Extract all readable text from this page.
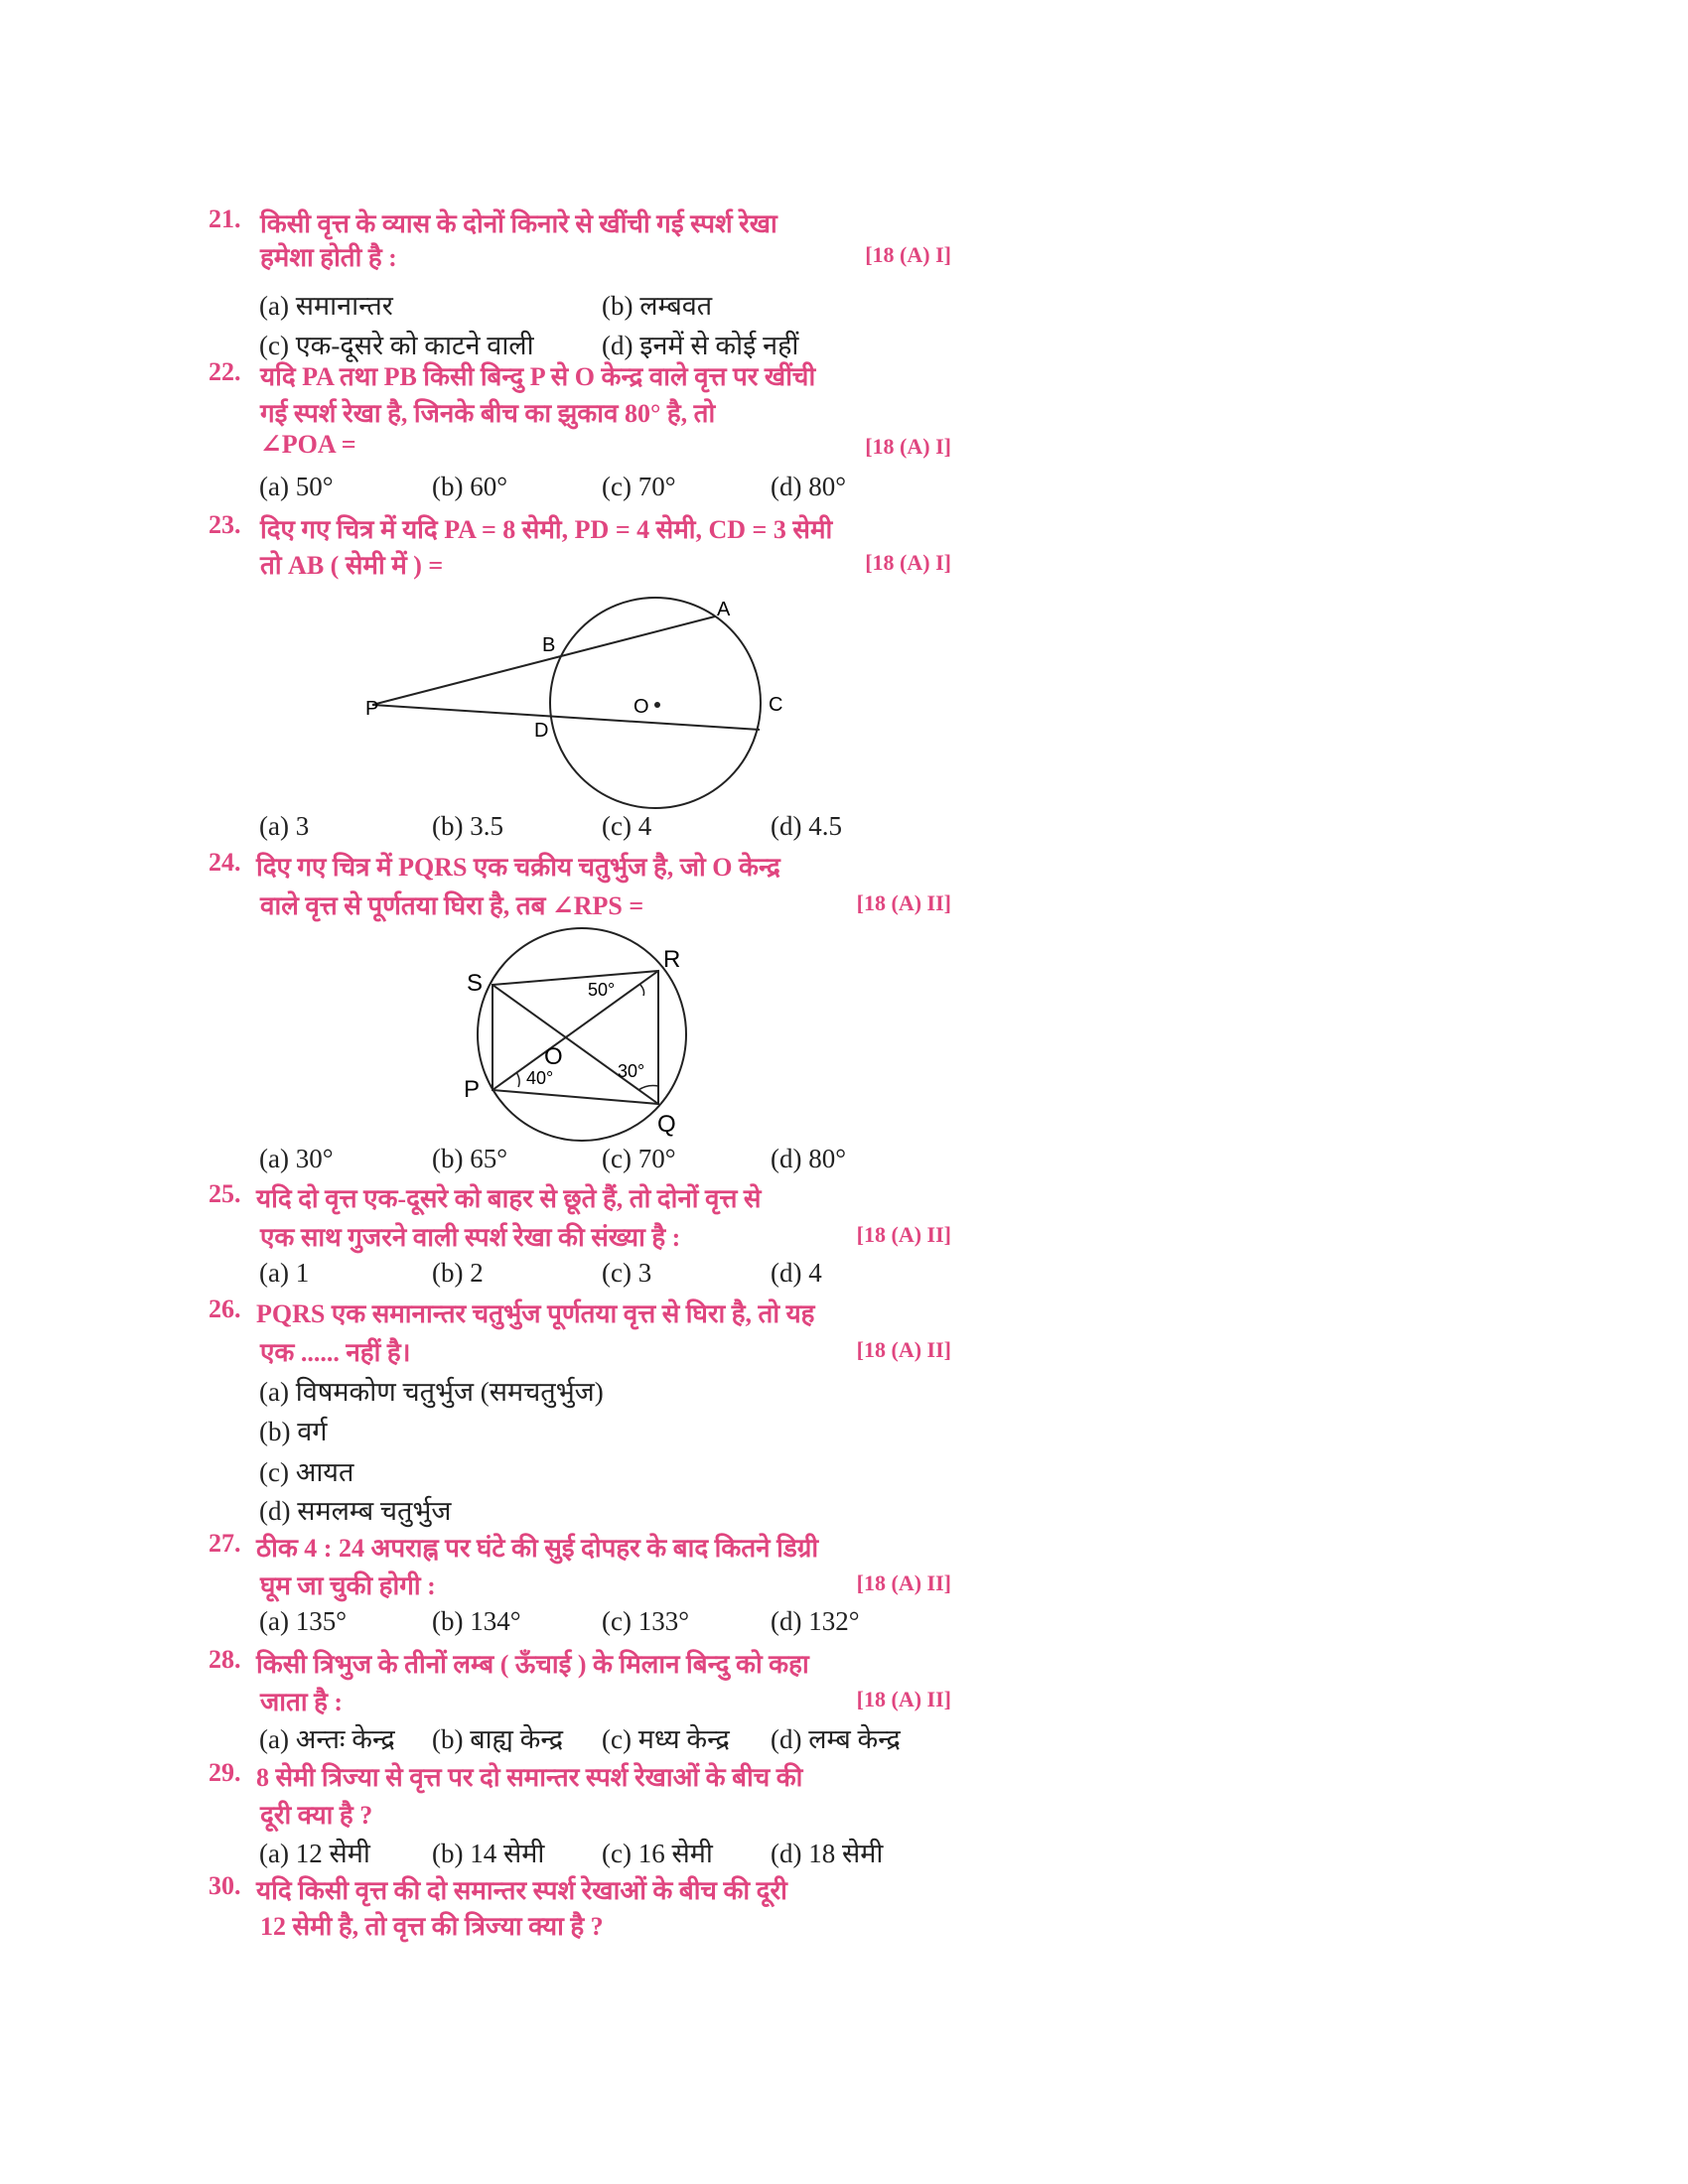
21. किसी वृत्त के व्यास के दोनों किनारे से खींची गई स्पर्श रेखा
हमेशा होती है :	[18 (A) I]
(a) समानान्तर	(b) लम्बवत
(c) एक-दूसरे को काटने वाली	(d) इनमें से कोई नहीं
22. यदि PA तथा PB किसी बिन्दु P से O केन्द्र वाले वृत्त पर खींची
गई स्पर्श रेखा है, जिनके बीच का झुकाव 80° है, तो
∠POA =	[18 (A) I]
(a) 50°	(b) 60°	(c) 70°	(d) 80°
23. दिए गए चित्र में यदि PA = 8 सेमी, PD = 4 सेमी, CD = 3 सेमी
तो AB ( सेमी में ) =	[18 (A) I]
(a) 3	(b) 3.5	(c) 4	(d) 4.5
24. दिए गए चित्र में PQRS एक चक्रीय चतुर्भुज है, जो O केन्द्र
वाले वृत्त से पूर्णतया घिरा है, तब ∠RPS =	[18 (A) II]
(a) 30°	(b) 65°	(c) 70°	(d) 80°
25. यदि दो वृत्त एक-दूसरे को बाहर से छूते हैं, तो दोनों वृत्त से
एक साथ गुजरने वाली स्पर्श रेखा की संख्या है :	[18 (A) II]
(a) 1	(b) 2	(c) 3	(d) 4
26. PQRS एक समानान्तर चतुर्भुज पूर्णतया वृत्त से घिरा है, तो यह
एक ...... नहीं है।	[18 (A) II]
(a) विषमकोण चतुर्भुज (समचतुर्भुज)
(b) वर्ग
(c) आयत
(d) समलम्ब चतुर्भुज
27. ठीक 4 : 24 अपराह्न पर घंटे की सुई दोपहर के बाद कितने डिग्री
घूम जा चुकी होगी :	[18 (A) II]
(a) 135°	(b) 134°	(c) 133°	(d) 132°
28. किसी त्रिभुज के तीनों लम्ब ( ऊँचाई ) के मिलान बिन्दु को कहा
जाता है :	[18 (A) II]
(a) अन्तः केन्द्र (b) बाह्य केन्द्र (c) मध्य केन्द्र (d) लम्ब केन्द्र
29. 8 सेमी त्रिज्या से वृत्त पर दो समान्तर स्पर्श रेखाओं के बीच की
दूरी क्या है ?
(a) 12 सेमी (b) 14 सेमी (c) 16 सेमी (d) 18 सेमी
30. यदि किसी वृत्त की दो समान्तर स्पर्श रेखाओं के बीच की दूरी
12 सेमी है, तो वृत्त की त्रिज्या क्या है ?
P
B
A
O	C
D
S
R
P
Q
O
50°
40°	30°
